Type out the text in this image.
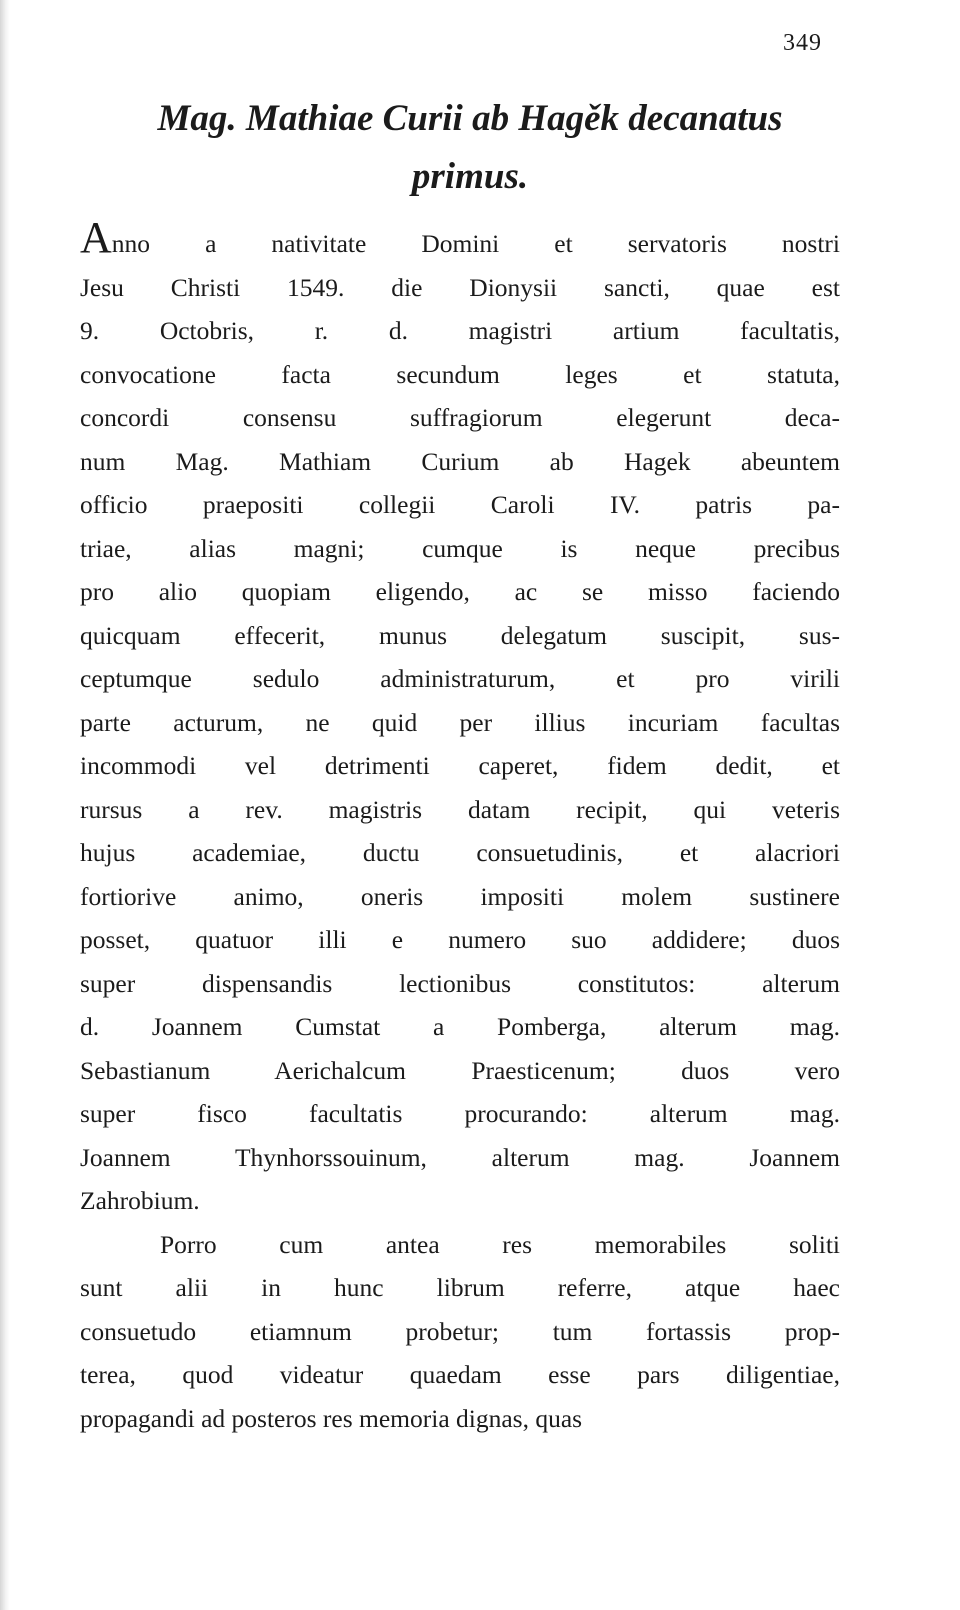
349
Mag. Mathiae Curii ab Hagěk decanatus
primus.
Anno a nativitate Domini et servatoris nostri
Jesu Christi 1549. die Dionysii sancti, quae est
9. Octobris, r. d. magistri artium facultatis,
convocatione facta secundum leges et statuta,
concordi consensu suffragiorum elegerunt deca-
num Mag. Mathiam Curium ab Hagek abeuntem
officio praepositi collegii Caroli IV. patris pa-
triae, alias magni; cumque is neque precibus
pro alio quopiam eligendo, ac se misso faciendo
quicquam effecerit, munus delegatum suscipit, sus-
ceptumque sedulo administraturum, et pro virili
parte acturum, ne quid per illius incuriam facultas
incommodi vel detrimenti caperet, fidem dedit, et
rursus a rev. magistris datam recipit, qui veteris
hujus academiae, ductu consuetudinis, et alacriori
fortiorive animo, oneris impositi molem sustinere
posset, quatuor illi e numero suo addidere; duos
super dispensandis lectionibus constitutos: alterum
d. Joannem Cumstat a Pomberga, alterum mag.
Sebastianum Aerichalcum Praesticenum; duos vero
super fisco facultatis procurando: alterum mag.
Joannem Thynhorssouinum, alterum mag. Joannem
Zahrobium.
Porro cum antea res memorabiles soliti
sunt alii in hunc librum referre, atque haec
consuetudo etiamnum probetur; tum fortassis prop-
terea, quod videatur quaedam esse pars diligentiae,
propagandi ad posteros res memoria dignas, quas
